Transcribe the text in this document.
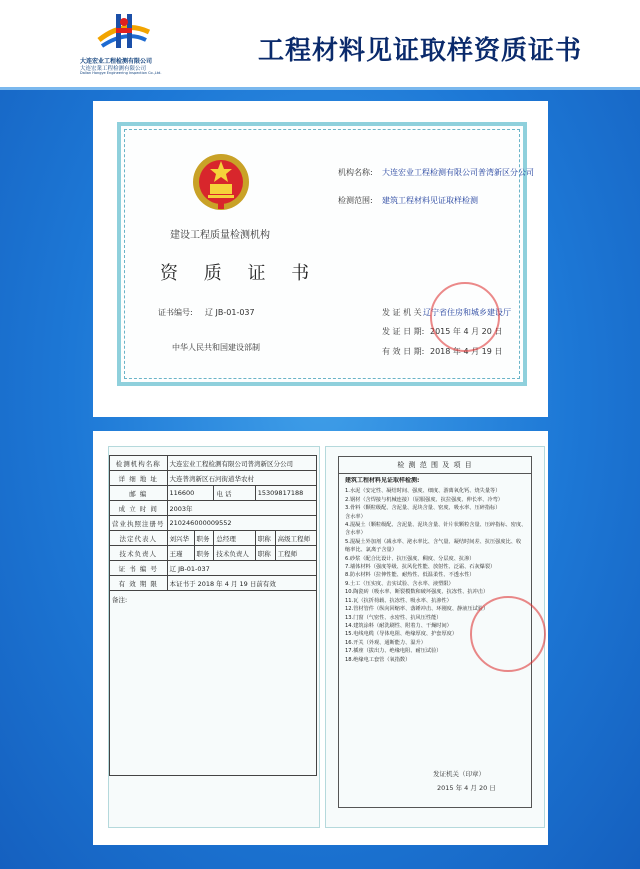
大连宏业工程检测有限公司
大连宏業工程检测有限公司
Dalian Hongye Engineering Inspection Co.,Ltd.
工程材料见证取样资质证书
建设工程质量检测机构
资 质 证 书
证书编号: 辽 JB-01-037
中华人民共和国建设部制
机构名称: 大连宏业工程检测有限公司普湾新区分公司
检测范围: 建筑工程材料见证取样检测
发 证 机 关 辽宁省住房和城乡建设厅
发 证 日 期: 2015 年 4 月 20 日
有 效 日 期: 2018 年 4 月 19 日
检测机构名称	大连宏业工程检测有限公司普湾新区分公司				
详 细 地 址	大连普湾新区石河街道华农村				
邮 编	116600		电 话	15309817188	
成 立 时 间	2003年				
营业执照注册号	210246000009552				
法定代表人	刘兴华	职务	总经理	职称	高级工程师
技术负责人	王瑾	职务	技术负责人	职称	工程师
证 书 编 号	辽 JB-01-037				
有 效 期 限	本证书于 2018 年 4 月 19 日前有效				
备注:					
检 测 范 围 及 项 目
建筑工程材料见证取样检测:
1.水泥（安定性、凝结时间、强度、细度、游离氧化钙、烧失量等）
2.钢材（含焊接与机械连接）（屈服强度、抗拉强度、伸长率、冷弯）
3.骨料（颗粒级配、含泥量、泥块含量、密度、吸水率、压碎指标）
含水率）
4.混凝土（颗粒级配、含泥量、泥块含量、针片状颗粒含量、压碎指标、密度、
含水率）
5.混凝土外加剂（减水率、泌水率比、含气量、凝结时间差、抗压强度比、收
缩率比、氯离子含量）
6.砂浆（配合比设计、抗压强度、稠度、分层度、抗渗）
7.墙体材料（强度等级、抗风化性能、放射性、泛霜、石灰爆裂）
8.防水材料（拉伸性能、耐热性、低温柔性、不透水性）
9.土工（压实度、击实试验、含水率、液塑限）
10.陶瓷砖（吸水率、断裂模数和破坏强度、抗冻性、抗冲击）
11.瓦（抗折荷载、抗冻性、吸水率、抗渗性）
12.管材管件（纵向回缩率、落锤冲击、环刚度、静液压试验）
13.门窗（气密性、水密性、抗风压性能）
14.建筑涂料（耐洗刷性、附着力、干燥时间）
15.电线电缆（导体电阻、绝缘厚度、护套厚度）
16.开关（外观、通断能力、温升）
17.插座（拔出力、绝缘电阻、耐压试验）
18.绝缘电工套管（氧指数）
发证机关（印章）
2015 年 4 月 20 日
